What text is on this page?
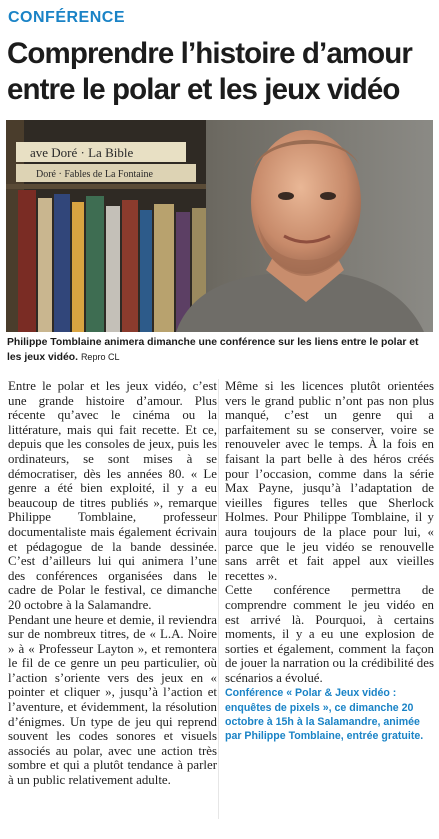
CONFÉRENCE
Comprendre l’histoire d’amour entre le polar et les jeux vidéo
ave Doré · La Bible
Doré · Fables de La Fontaine
Philippe Tomblaine animera dimanche une conférence sur les liens entre le polar et les jeux vidéo. Repro CL

Entre le polar et les jeux vidéo, c’est une grande histoire d’amour. Plus récente qu’avec le cinéma ou la littérature, mais qui fait recette. Et ce, depuis que les consoles de jeux, puis les ordinateurs, se sont mises à se démocratiser, dès les années 80. « Le genre a été bien exploité, il y a eu beaucoup de titres publiés », remarque Philippe Tomblaine, professeur documentaliste mais également écrivain et pédagogue de la bande dessinée. C’est d’ailleurs lui qui animera l’une des conférences organisées dans le cadre de Polar le festival, ce dimanche 20 octobre à la Salamandre.

Pendant une heure et demie, il reviendra sur de nombreux titres, de « L.A. Noire » à « Professeur Layton », et remontera le fil de ce genre un peu particulier, où l’action s’oriente vers des jeux en « pointer et cliquer », jusqu’à l’action et l’aventure, et évidemment, la résolution d’énigmes. Un type de jeu qui reprend souvent les codes sonores et visuels associés au polar, avec une action très sombre et qui a plutôt tendance à parler à un public relativement adulte.

Même si les licences plutôt orientées vers le grand public n’ont pas non plus manqué, c’est un genre qui a parfaitement su se conserver, voire se renouveler avec le temps. À la fois en faisant la part belle à des héros créés pour l’occasion, comme dans la série Max Payne, jusqu’à l’adaptation de vieilles figures telles que Sherlock Holmes. Pour Philippe Tomblaine, il y aura toujours de la place pour lui, « parce que le jeu vidéo se renouvelle sans arrêt et fait appel aux vieilles recettes ».

Cette conférence permettra de comprendre comment le jeu vidéo en est arrivé là. Pourquoi, à certains moments, il y a eu une explosion de sorties et également, comment la façon de jouer la narration ou la crédibilité des scénarios a évolué.

Conférence « Polar & Jeux vidéo : enquêtes de pixels », ce dimanche 20 octobre à 15h à la Salamandre, animée par Philippe Tomblaine, entrée gratuite.
